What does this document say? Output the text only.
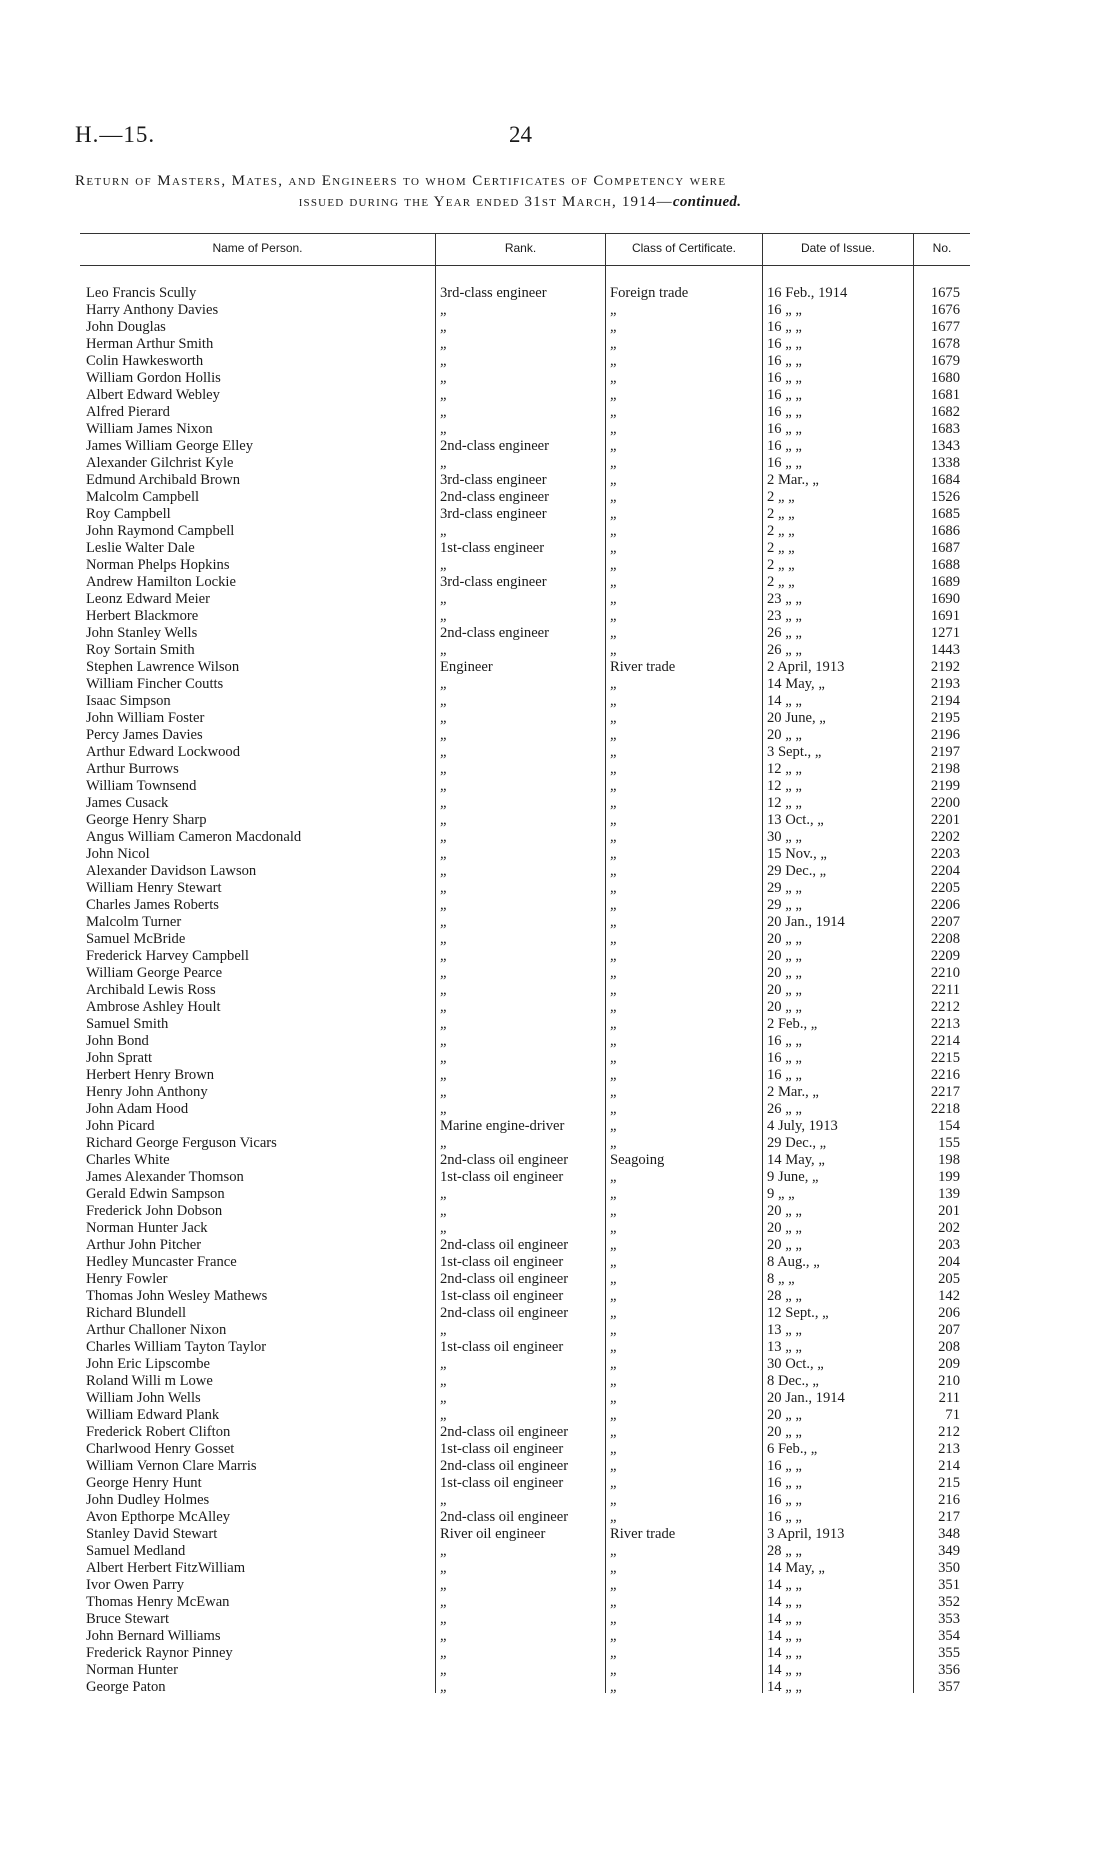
H.—15.	24
Return of Masters, Mates, and Engineers to whom Certificates of Competency were
issued during the Year ended 31st March, 1914—continued.
Name of Person.	Rank.	Class of Certificate.	Date of Issue.	No.
Leo Francis Scully	3rd-class engineer	Foreign trade	16 Feb., 1914	1675
Harry Anthony Davies	„	„	16 „ „	1676
John Douglas	„	„	16 „ „	1677
Herman Arthur Smith	„	„	16 „ „	1678
Colin Hawkesworth	„	„	16 „ „	1679
William Gordon Hollis	„	„	16 „ „	1680
Albert Edward Webley	„	„	16 „ „	1681
Alfred Pierard	„	„	16 „ „	1682
William James Nixon	„	„	16 „ „	1683
James William George Elley	2nd-class engineer	„	16 „ „	1343
Alexander Gilchrist Kyle	„	„	16 „ „	1338
Edmund Archibald Brown	3rd-class engineer	„	2 Mar., „	1684
Malcolm Campbell	2nd-class engineer	„	2 „ „	1526
Roy Campbell	3rd-class engineer	„	2 „ „	1685
John Raymond Campbell	„	„	2 „ „	1686
Leslie Walter Dale	1st-class engineer	„	2 „ „	1687
Norman Phelps Hopkins	„	„	2 „ „	1688
Andrew Hamilton Lockie	3rd-class engineer	„	2 „ „	1689
Leonz Edward Meier	„	„	23 „ „	1690
Herbert Blackmore	„	„	23 „ „	1691
John Stanley Wells	2nd-class engineer	„	26 „ „	1271
Roy Sortain Smith	„	„	26 „ „	1443
Stephen Lawrence Wilson	Engineer	River trade	2 April, 1913	2192
William Fincher Coutts	„	„	14 May, „	2193
Isaac Simpson	„	„	14 „ „	2194
John William Foster	„	„	20 June, „	2195
Percy James Davies	„	„	20 „ „	2196
Arthur Edward Lockwood	„	„	3 Sept., „	2197
Arthur Burrows	„	„	12 „ „	2198
William Townsend	„	„	12 „ „	2199
James Cusack	„	„	12 „ „	2200
George Henry Sharp	„	„	13 Oct., „	2201
Angus William Cameron Macdonald	„	„	30 „ „	2202
John Nicol	„	„	15 Nov., „	2203
Alexander Davidson Lawson	„	„	29 Dec., „	2204
William Henry Stewart	„	„	29 „ „	2205
Charles James Roberts	„	„	29 „ „	2206
Malcolm Turner	„	„	20 Jan., 1914	2207
Samuel McBride	„	„	20 „ „	2208
Frederick Harvey Campbell	„	„	20 „ „	2209
William George Pearce	„	„	20 „ „	2210
Archibald Lewis Ross	„	„	20 „ „	2211
Ambrose Ashley Hoult	„	„	20 „ „	2212
Samuel Smith	„	„	2 Feb., „	2213
John Bond	„	„	16 „ „	2214
John Spratt	„	„	16 „ „	2215
Herbert Henry Brown	„	„	16 „ „	2216
Henry John Anthony	„	„	2 Mar., „	2217
John Adam Hood	„	„	26 „ „	2218
John Picard	Marine engine-driver	„	4 July, 1913	154
Richard George Ferguson Vicars	„	„	29 Dec., „	155
Charles White	2nd-class oil engineer	Seagoing	14 May, „	198
James Alexander Thomson	1st-class oil engineer	„	9 June, „	199
Gerald Edwin Sampson	„	„	9 „ „	139
Frederick John Dobson	„	„	20 „ „	201
Norman Hunter Jack	„	„	20 „ „	202
Arthur John Pitcher	2nd-class oil engineer	„	20 „ „	203
Hedley Muncaster France	1st-class oil engineer	„	8 Aug., „	204
Henry Fowler	2nd-class oil engineer	„	8 „ „	205
Thomas John Wesley Mathews	1st-class oil engineer	„	28 „ „	142
Richard Blundell	2nd-class oil engineer	„	12 Sept., „	206
Arthur Challoner Nixon	„	„	13 „ „	207
Charles William Tayton Taylor	1st-class oil engineer	„	13 „ „	208
John Eric Lipscombe	„	„	30 Oct., „	209
Roland Willi m Lowe	„	„	8 Dec., „	210
William John Wells	„	„	20 Jan., 1914	211
William Edward Plank	„	„	20 „ „	71
Frederick Robert Clifton	2nd-class oil engineer	„	20 „ „	212
Charlwood Henry Gosset	1st-class oil engineer	„	6 Feb., „	213
William Vernon Clare Marris	2nd-class oil engineer	„	16 „ „	214
George Henry Hunt	1st-class oil engineer	„	16 „ „	215
John Dudley Holmes	„	„	16 „ „	216
Avon Epthorpe McAlley	2nd-class oil engineer	„	16 „ „	217
Stanley David Stewart	River oil engineer	River trade	3 April, 1913	348
Samuel Medland	„	„	28 „ „	349
Albert Herbert FitzWilliam	„	„	14 May, „	350
Ivor Owen Parry	„	„	14 „ „	351
Thomas Henry McEwan	„	„	14 „ „	352
Bruce Stewart	„	„	14 „ „	353
John Bernard Williams	„	„	14 „ „	354
Frederick Raynor Pinney	„	„	14 „ „	355
Norman Hunter	„	„	14 „ „	356
George Paton	„	„	14 „ „	357
